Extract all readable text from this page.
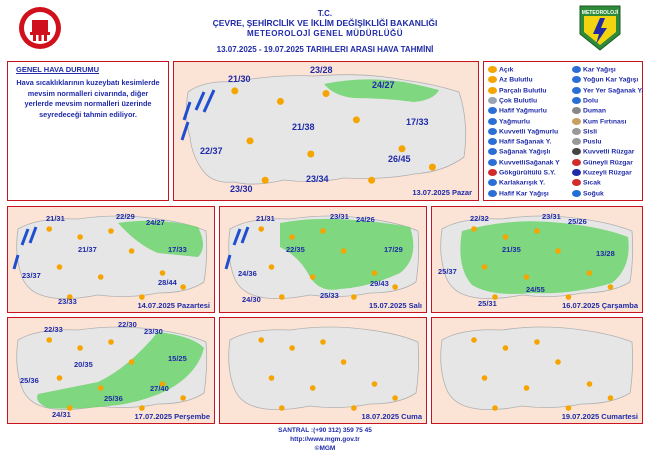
T.C.
ÇEVRE, ŞEHİRCİLİK VE İKLİM DEĞİŞİKLİĞİ BAKANLIĞI
METEOROLOJİ GENEL MÜDÜRLÜĞÜ
13.07.2025 - 19.07.2025 TARIHLERI ARASI HAVA TAHMİNİ
METEOROLOJİ
GENEL HAVA DURUMU
Hava sıcaklıklarının kuzeybatı kesimlerde mevsim normalleri civarında, diğer yerlerde mevsim normalleri üzerinde seyredeceği tahmin ediliyor.
21/30
23/28
24/27
21/38	17/33
22/37
26/45
23/34
23/30	13.07.2025 Pazar
Açık
Az Bulutlu
Parçalı Bulutlu
Çok Bulutlu
Hafif Yağmurlu
Yağmurlu
Kuvvetli Yağmurlu
Hafif Sağanak Y.
Sağanak Yağışlı
KuvvetliSağanak Y
Gökgürültülü S.Y.
Karlakarışık Y.
Hafif Kar Yağışı
Kar Yağışı
Yoğun Kar Yağışı
Yer Yer Sağanak Y.
Dolu
Duman
Kum Fırtınası
Sisli
Puslu
Kuvvetli Rüzgar
Güneyli Rüzgar
Kuzeyli Rüzgar
Sıcak
Soğuk
21/31	22/29
24/27
21/37	17/33
23/37
28/44
23/33	14.07.2025 Pazartesi
21/31	23/31 24/26
22/35	17/29
24/36
29/43
24/30	25/33
15.07.2025 Salı
22/32	23/31
25/26
21/35	13/28
25/37
24/55
25/31	16.07.2025 Çarşamba
22/33
22/30
23/30
20/35
15/25
25/36
27/40
25/36
24/31	17.07.2025 Perşembe	18.07.2025 Cuma	19.07.2025 Cumartesi
SANTRAL :(+90 312) 359 75 45
http://www.mgm.gov.tr
©MGM
